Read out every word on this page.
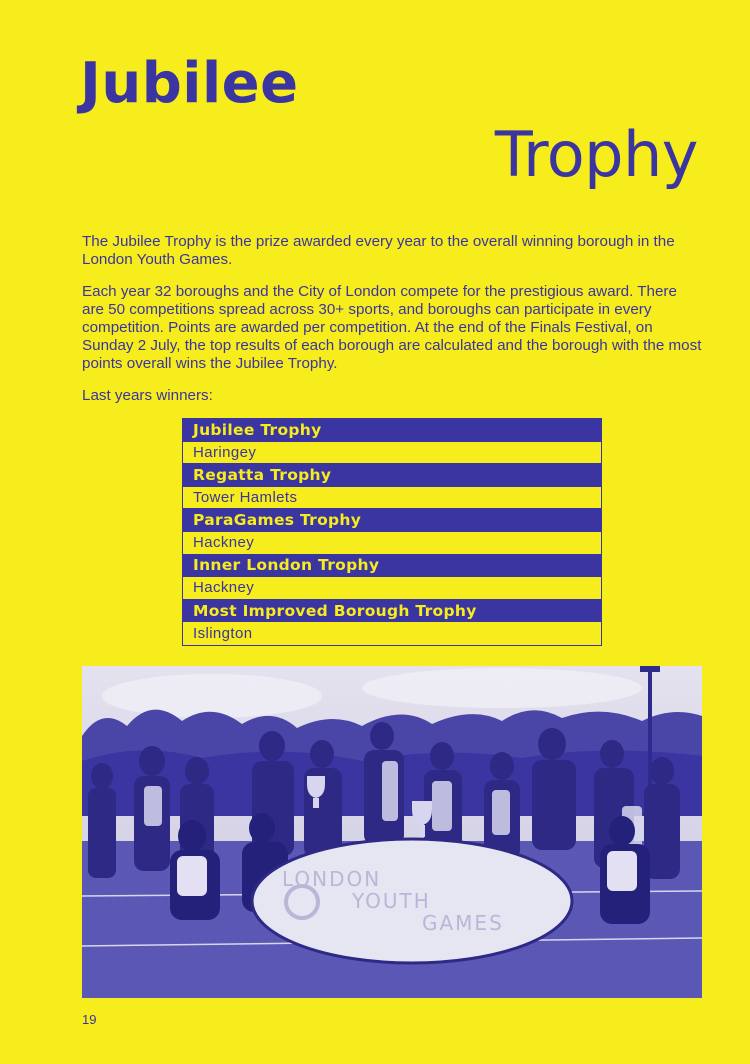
Jubilee
Trophy

The Jubilee Trophy is the prize awarded every year to the overall winning borough in the London Youth Games.

Each year 32 boroughs and the City of London compete for the prestigious award. There are 50 competitions spread across 30+ sports, and boroughs can participate in every competition. Points are awarded per competition. At the end of the Finals Festival, on Sunday 2 July, the top results of each borough are calculated and the borough with the most points overall wins the Jubilee Trophy.

Last years winners:

Jubilee Trophy
Haringey
Regatta Trophy
Tower Hamlets
ParaGames Trophy
Hackney
Inner London Trophy
Hackney
Most Improved Borough Trophy
Islington
LONDON
YOUTH
GAMES
19
